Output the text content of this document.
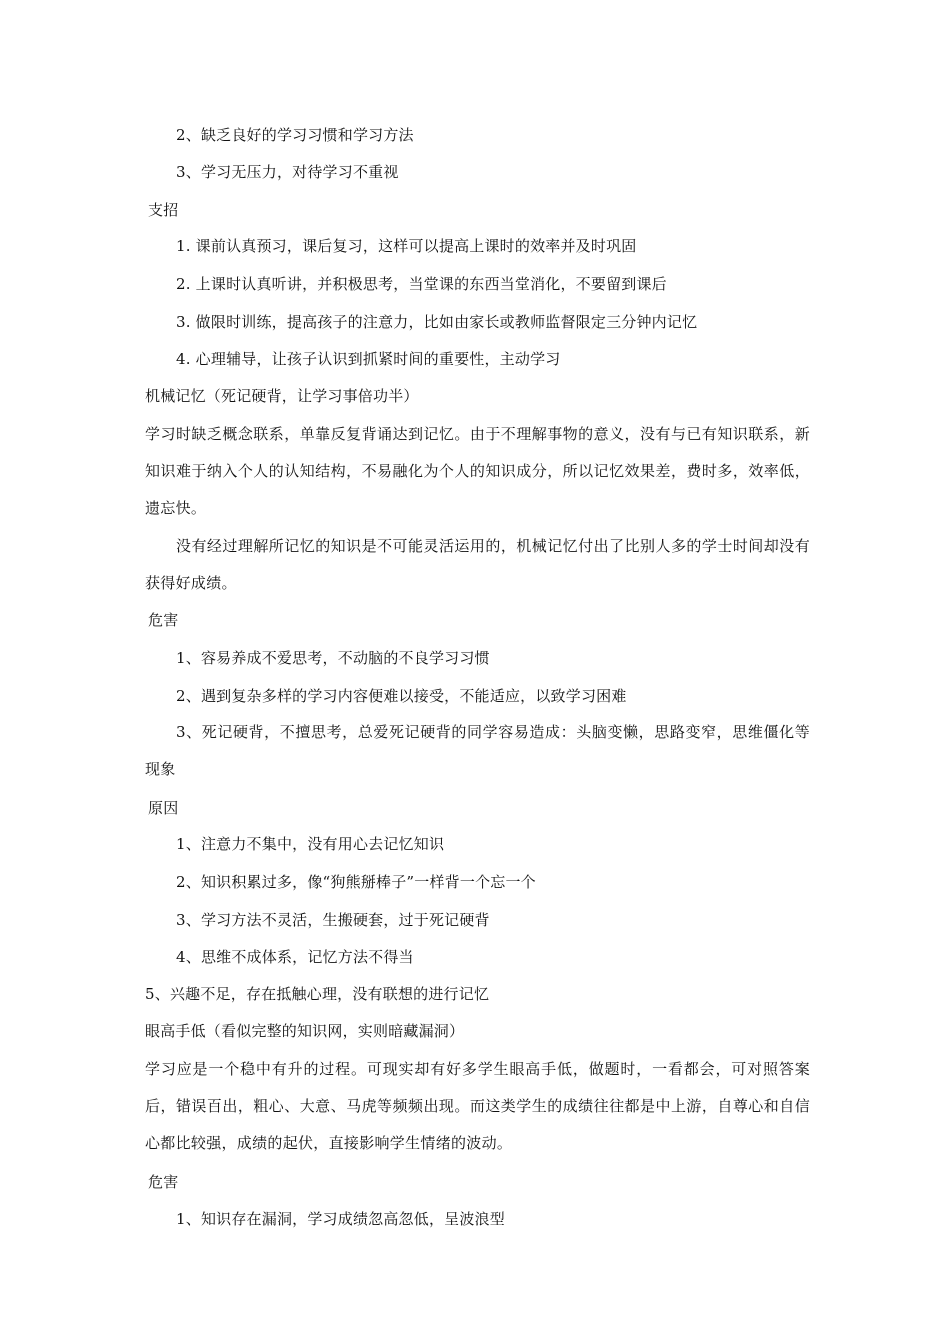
2、缺乏良好的学习习惯和学习方法
3、学习无压力，对待学习不重视
支招
1. 课前认真预习，课后复习，这样可以提高上课时的效率并及时巩固
2. 上课时认真听讲，并积极思考，当堂课的东西当堂消化，不要留到课后
3. 做限时训练，提高孩子的注意力，比如由家长或教师监督限定三分钟内记忆
4. 心理辅导，让孩子认识到抓紧时间的重要性，主动学习
机械记忆（死记硬背，让学习事倍功半）
学习时缺乏概念联系，单靠反复背诵达到记忆。由于不理解事物的意义，没有与已有知识联系，新知识难于纳入个人的认知结构，不易融化为个人的知识成分，所以记忆效果差，费时多，效率低，遗忘快。
没有经过理解所记忆的知识是不可能灵活运用的，机械记忆付出了比别人多的学士时间却没有获得好成绩。
危害
1、容易养成不爱思考，不动脑的不良学习习惯
2、遇到复杂多样的学习内容便难以接受，不能适应，以致学习困难
3、死记硬背，不擅思考，总爱死记硬背的同学容易造成：头脑变懒，思路变窄，思维僵化等现象
原因
1、注意力不集中，没有用心去记忆知识
2、知识积累过多，像“狗熊掰棒子”一样背一个忘一个
3、学习方法不灵活，生搬硬套，过于死记硬背
4、思维不成体系，记忆方法不得当
5、兴趣不足，存在抵触心理，没有联想的进行记忆
眼高手低（看似完整的知识网，实则暗藏漏洞）
学习应是一个稳中有升的过程。可现实却有好多学生眼高手低，做题时，一看都会，可对照答案后，错误百出，粗心、大意、马虎等频频出现。而这类学生的成绩往往都是中上游，自尊心和自信心都比较强，成绩的起伏，直接影响学生情绪的波动。
危害
1、知识存在漏洞，学习成绩忽高忽低，呈波浪型
